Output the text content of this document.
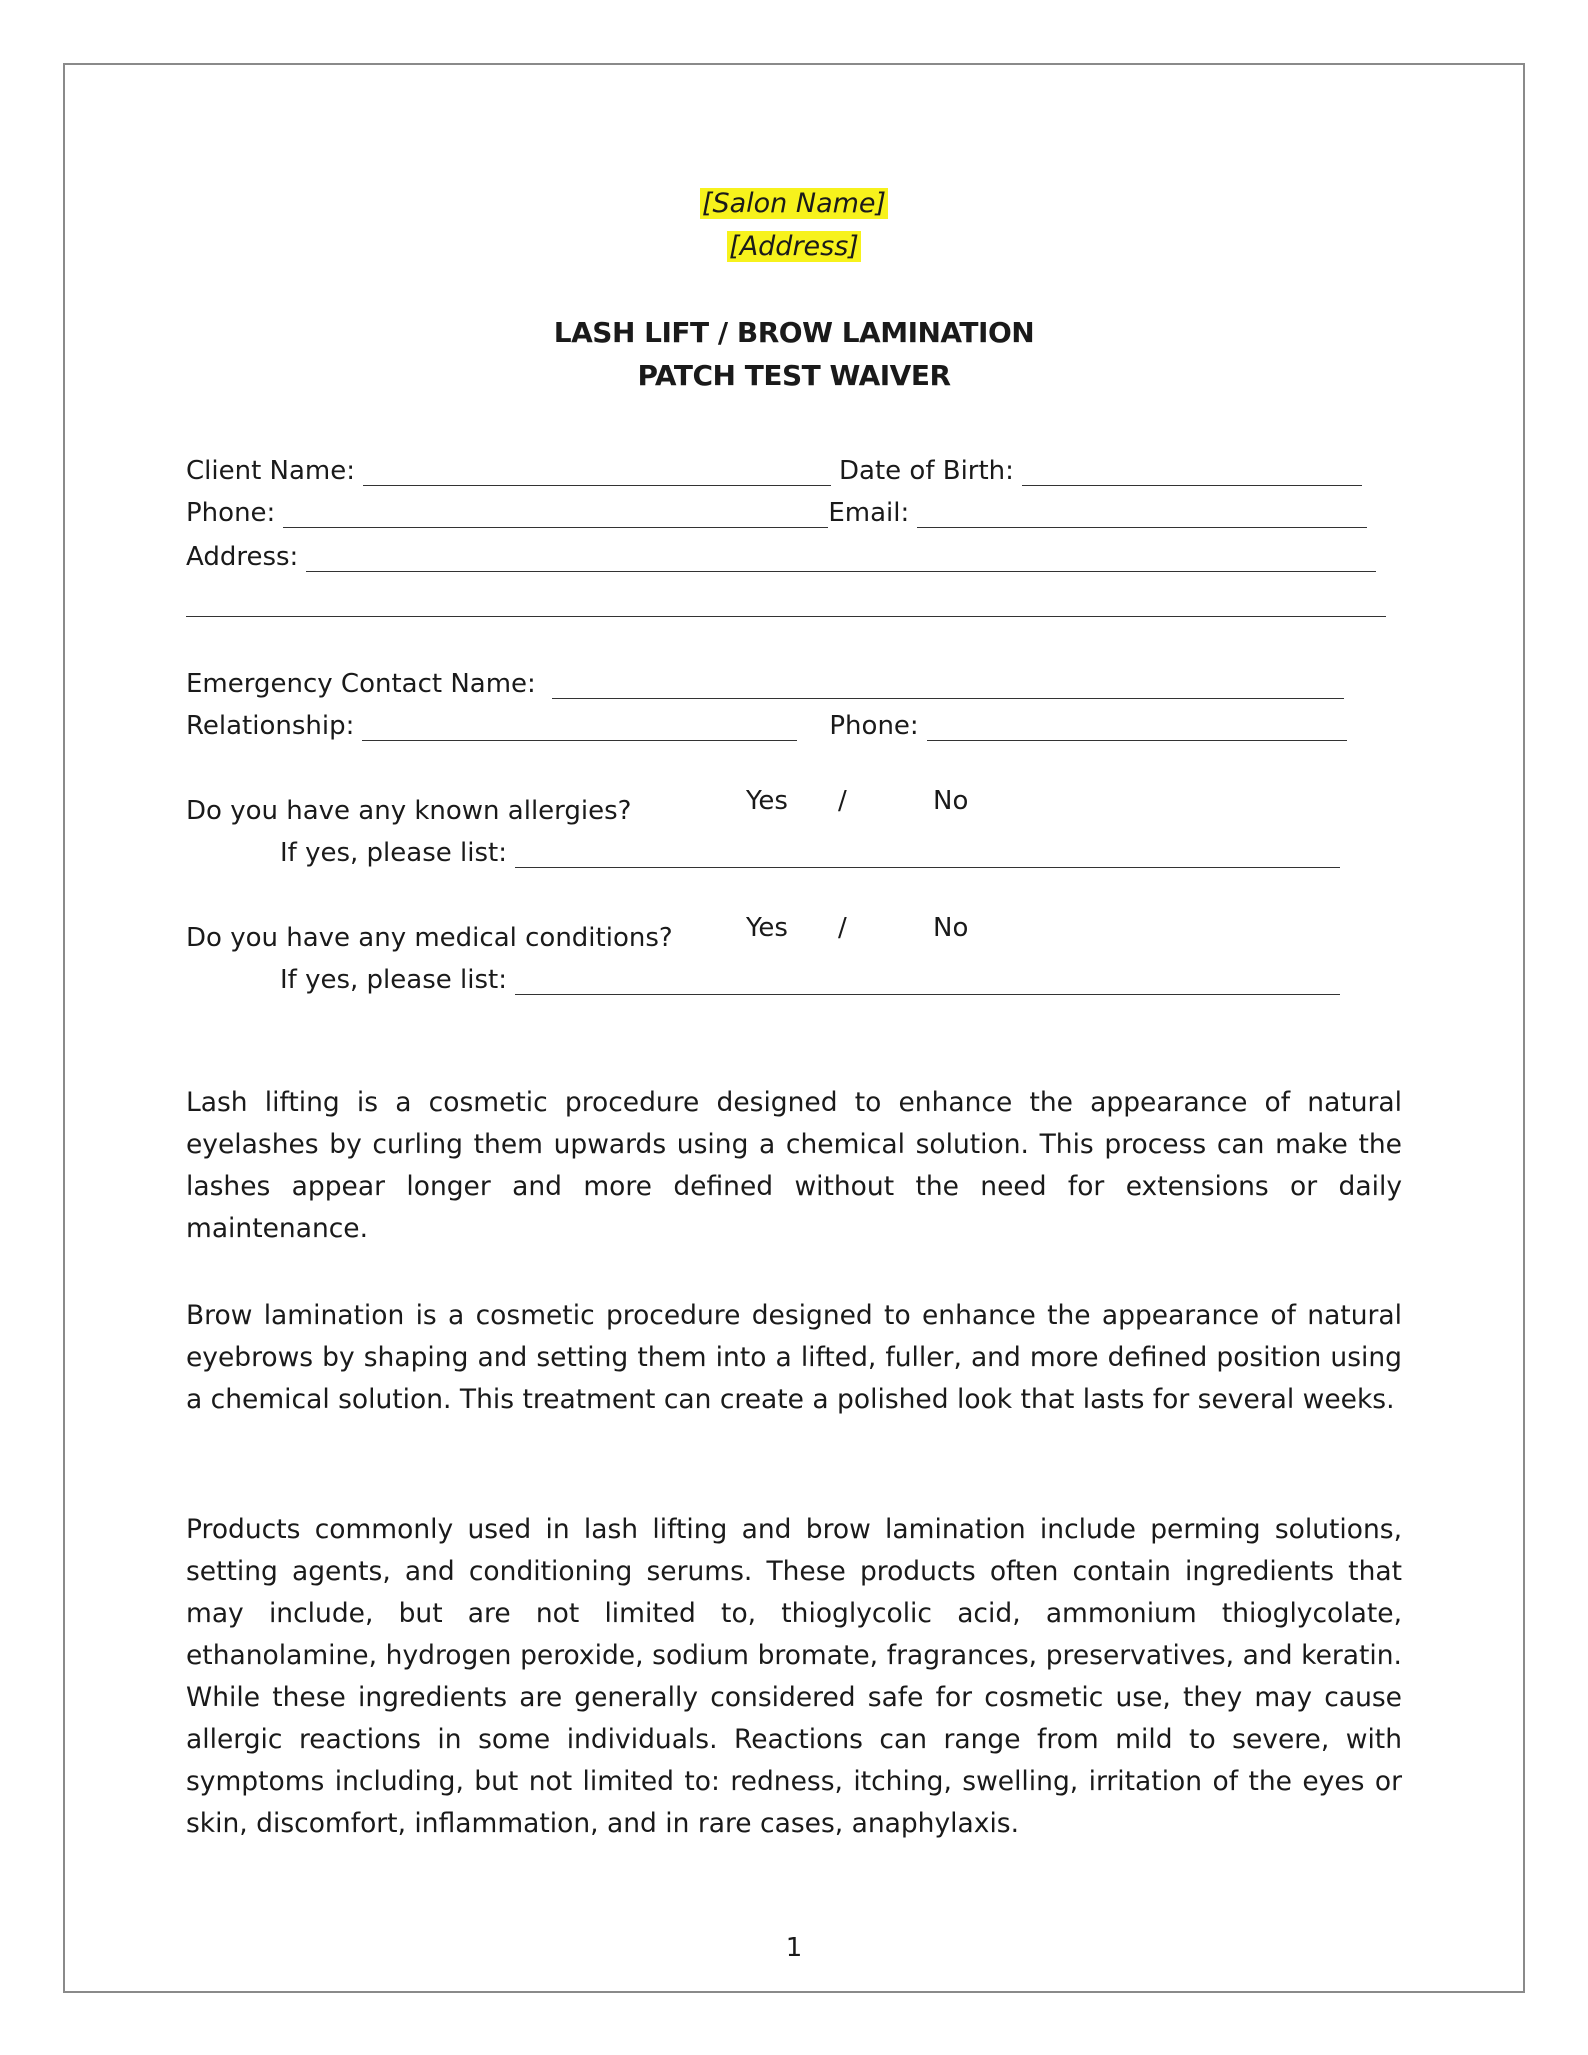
[Salon Name]
[Address]
LASH LIFT / BROW LAMINATION
PATCH TEST WAIVER
Client Name:	Date of Birth:
Phone:	Email:
Address:
Emergency Contact Name:
Relationship:	Phone:
Do you have any known allergies?	Yes /	No
If yes, please list:
Do you have any medical conditions?	Yes /	No
If yes, please list:
Lash lifting is a cosmetic procedure designed to enhance the appearance of natural eyelashes by curling them upwards using a chemical solution. This process can make the lashes appear longer and more defined without the need for extensions or daily maintenance.
Brow lamination is a cosmetic procedure designed to enhance the appearance of natural eyebrows by shaping and setting them into a lifted, fuller, and more defined position using a chemical solution. This treatment can create a polished look that lasts for several weeks.
Products commonly used in lash lifting and brow lamination include perming solutions, setting agents, and conditioning serums. These products often contain ingredients that may include, but are not limited to, thioglycolic acid, ammonium thioglycolate, ethanolamine, hydrogen peroxide, sodium bromate, fragrances, preservatives, and keratin. While these ingredients are generally considered safe for cosmetic use, they may cause allergic reactions in some individuals. Reactions can range from mild to severe, with symptoms including, but not limited to: redness, itching, swelling, irritation of the eyes or skin, discomfort, inflammation, and in rare cases, anaphylaxis.
1
